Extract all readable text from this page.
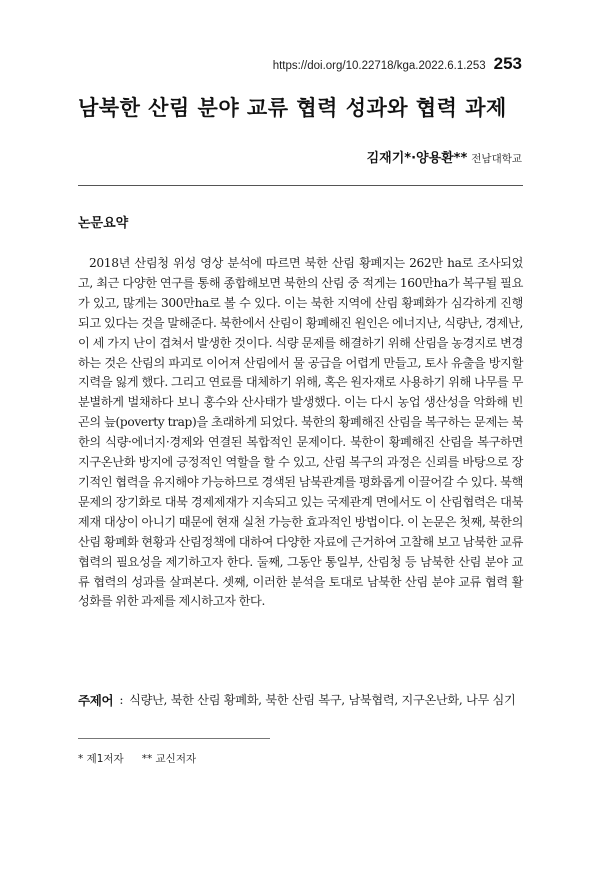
https://doi.org/10.22718/kga.2022.6.1.253 253
남북한 산림 분야 교류 협력 성과와 협력 과제
김재기*·양용환** 전남대학교
논문요약

2018년 산림청 위성 영상 분석에 따르면 북한 산림 황폐지는 262만 ha로 조사되었고, 최근 다양한 연구를 통해 종합해보면 북한의 산림 중 적게는 160만ha가 복구될 필요가 있고, 많게는 300만ha로 볼 수 있다. 이는 북한 지역에 산림 황폐화가 심각하게 진행되고 있다는 것을 말해준다. 북한에서 산림이 황폐해진 원인은 에너지난, 식량난, 경제난, 이 세 가지 난이 겹쳐서 발생한 것이다. 식량 문제를 해결하기 위해 산림을 농경지로 변경하는 것은 산림의 파괴로 이어져 산림에서 물 공급을 어렵게 만들고, 토사 유출을 방지할 지력을 잃게 했다. 그리고 연료를 대체하기 위해, 혹은 원자재로 사용하기 위해 나무를 무분별하게 벌채하다 보니 홍수와 산사태가 발생했다. 이는 다시 농업 생산성을 악화해 빈곤의 늪(poverty trap)을 초래하게 되었다. 북한의 황폐해진 산림을 복구하는 문제는 북한의 식량·에너지·경제와 연결된 복합적인 문제이다. 북한이 황폐해진 산림을 복구하면 지구온난화 방지에 긍정적인 역할을 할 수 있고, 산림 복구의 과정은 신뢰를 바탕으로 장기적인 협력을 유지해야 가능하므로 경색된 남북관계를 평화롭게 이끌어갈 수 있다. 북핵 문제의 장기화로 대북 경제제재가 지속되고 있는 국제관계 면에서도 이 산림협력은 대북 제재 대상이 아니기 때문에 현재 실천 가능한 효과적인 방법이다. 이 논문은 첫째, 북한의 산림 황폐화 현황과 산림정책에 대하여 다양한 자료에 근거하여 고찰해 보고 남북한 교류 협력의 필요성을 제기하고자 한다. 둘째, 그동안 통일부, 산림청 등 남북한 산림 분야 교류 협력의 성과를 살펴본다. 셋째, 이러한 분석을 토대로 남북한 산림 분야 교류 협력 활성화를 위한 과제를 제시하고자 한다.

주제어 : 식량난, 북한 산림 황폐화, 북한 산림 복구, 남북협력, 지구온난화, 나무 심기
* 제1저자 ** 교신저자
